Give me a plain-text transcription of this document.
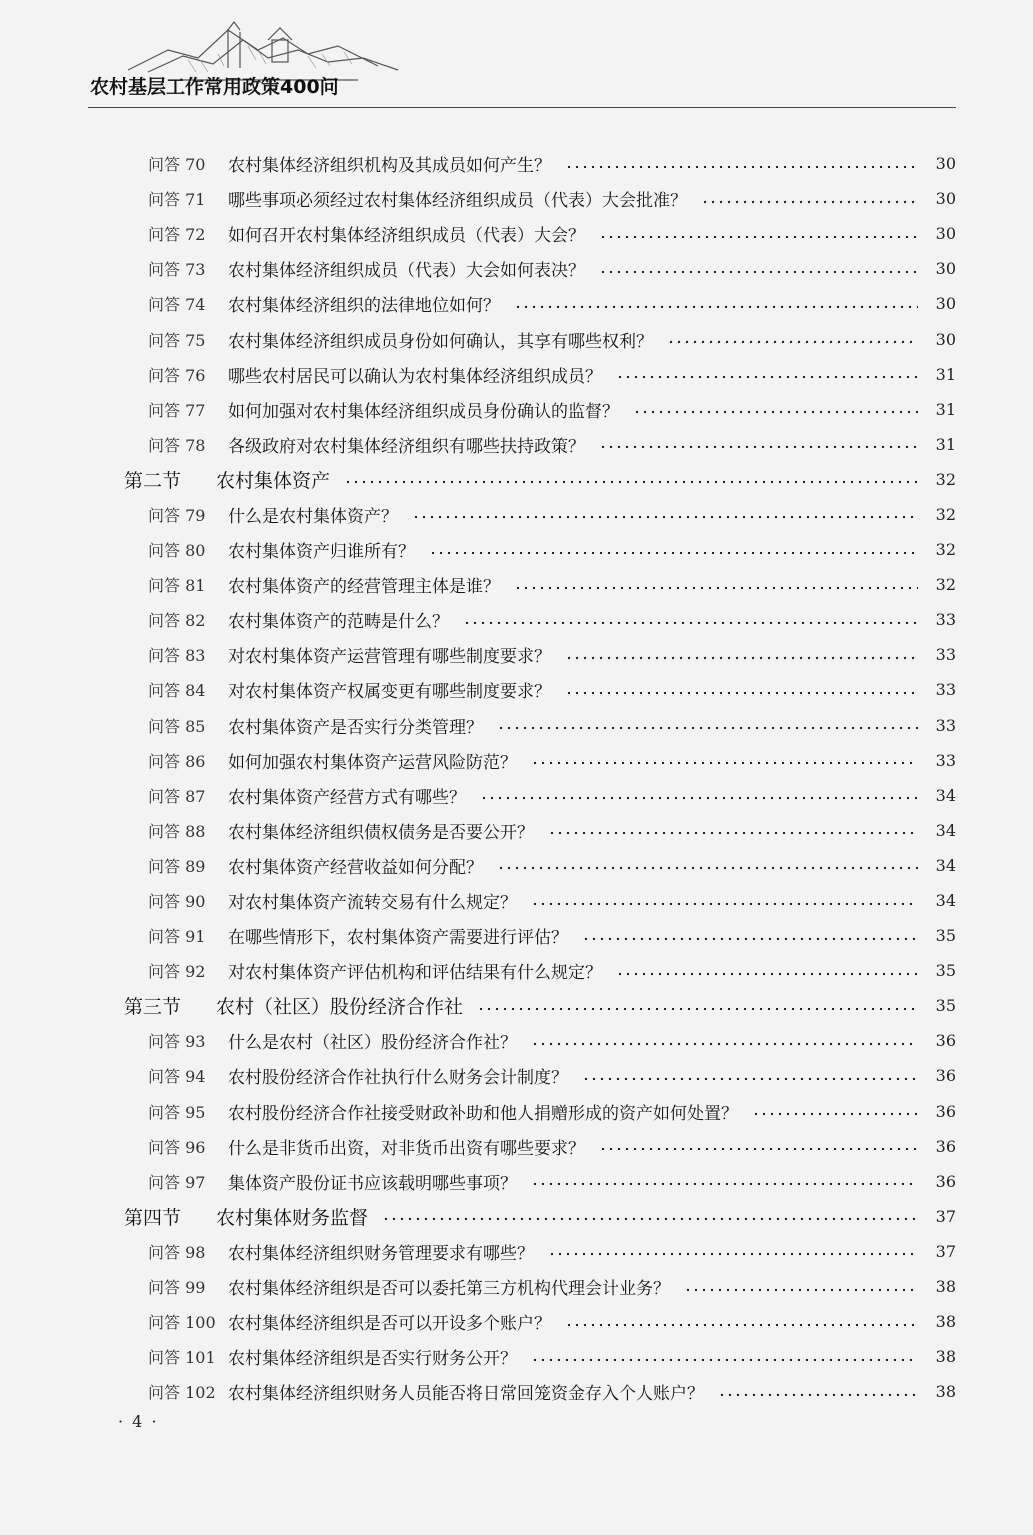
农村基层工作常用政策400问
问答 70	农村集体经济组织机构及其成员如何产生？	30
问答 71	哪些事项必须经过农村集体经济组织成员（代表）大会批准？	30
问答 72	如何召开农村集体经济组织成员（代表）大会？	30
问答 73	农村集体经济组织成员（代表）大会如何表决？	30
问答 74	农村集体经济组织的法律地位如何？	30
问答 75	农村集体经济组织成员身份如何确认，其享有哪些权利？	30
问答 76	哪些农村居民可以确认为农村集体经济组织成员？	31
问答 77	如何加强对农村集体经济组织成员身份确认的监督？	31
问答 78	各级政府对农村集体经济组织有哪些扶持政策？	31
第二节	农村集体资产	32
问答 79	什么是农村集体资产？	32
问答 80	农村集体资产归谁所有？	32
问答 81	农村集体资产的经营管理主体是谁？	32
问答 82	农村集体资产的范畴是什么？	33
问答 83	对农村集体资产运营管理有哪些制度要求？	33
问答 84	对农村集体资产权属变更有哪些制度要求？	33
问答 85	农村集体资产是否实行分类管理？	33
问答 86	如何加强农村集体资产运营风险防范？	33
问答 87	农村集体资产经营方式有哪些？	34
问答 88	农村集体经济组织债权债务是否要公开？	34
问答 89	农村集体资产经营收益如何分配？	34
问答 90	对农村集体资产流转交易有什么规定？	34
问答 91	在哪些情形下，农村集体资产需要进行评估？	35
问答 92	对农村集体资产评估机构和评估结果有什么规定？	35
第三节	农村（社区）股份经济合作社	35
问答 93	什么是农村（社区）股份经济合作社？	36
问答 94	农村股份经济合作社执行什么财务会计制度？	36
问答 95	农村股份经济合作社接受财政补助和他人捐赠形成的资产如何处置？	36
问答 96	什么是非货币出资，对非货币出资有哪些要求？	36
问答 97	集体资产股份证书应该载明哪些事项？	36
第四节	农村集体财务监督	37
问答 98	农村集体经济组织财务管理要求有哪些？	37
问答 99	农村集体经济组织是否可以委托第三方机构代理会计业务？	38
问答 100 农村集体经济组织是否可以开设多个账户？	38
问答 101 农村集体经济组织是否实行财务公开？	38
问答 102 农村集体经济组织财务人员能否将日常回笼资金存入个人账户？	38
· 4 ·
